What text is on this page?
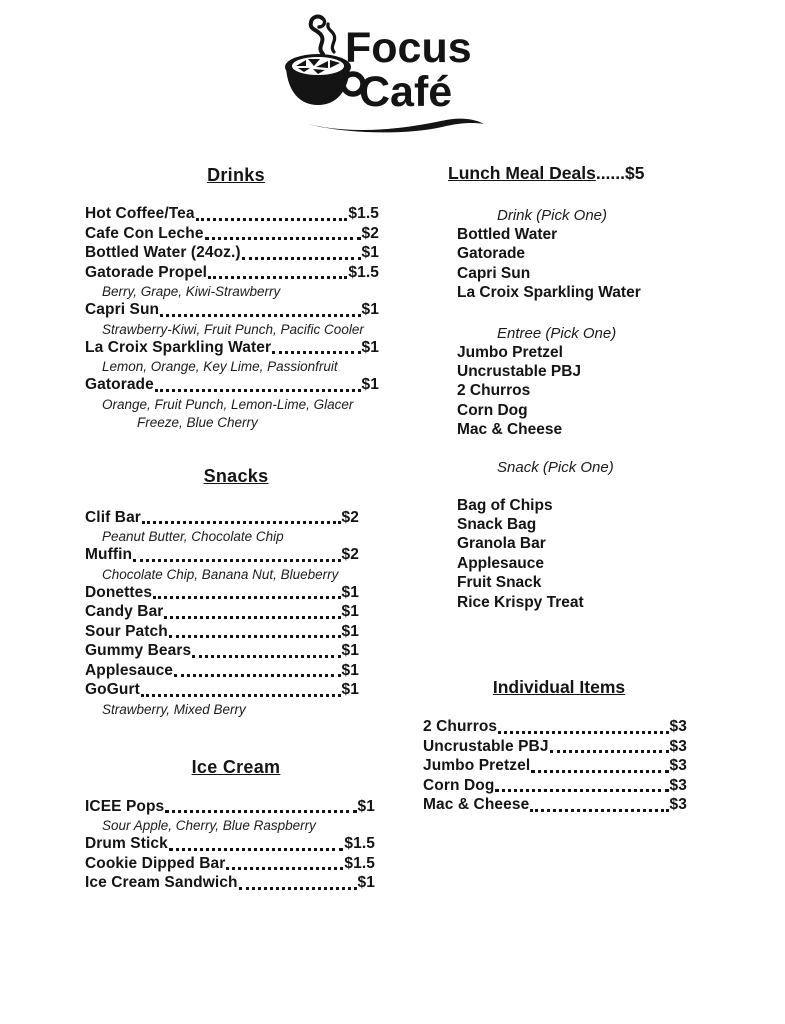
Focus
Café
Drinks
Hot Coffee/Tea	$1.5
Cafe Con Leche	$2
Bottled Water (24oz.)	$1
Gatorade Propel	$1.5
Berry, Grape, Kiwi-Strawberry
Capri Sun	$1
Strawberry-Kiwi, Fruit Punch, Pacific Cooler
La Croix Sparkling Water	$1
Lemon, Orange, Key Lime, Passionfruit
Gatorade	$1
Orange, Fruit Punch, Lemon-Lime, Glacer Freeze, Blue Cherry
Snacks
Clif Bar	$2
Peanut Butter, Chocolate Chip
Muffin	$2
Chocolate Chip, Banana Nut, Blueberry
Donettes	$1
Candy Bar	$1
Sour Patch	$1
Gummy Bears	$1
Applesauce	$1
GoGurt	$1
Strawberry, Mixed Berry
Ice Cream
ICEE Pops	$1
Sour Apple, Cherry, Blue Raspberry
Drum Stick	$1.5
Cookie Dipped Bar	$1.5
Ice Cream Sandwich	$1
Lunch Meal Deals......$5
Drink (Pick One)
Bottled Water
Gatorade
Capri Sun
La Croix Sparkling Water
Entree (Pick One)
Jumbo Pretzel
Uncrustable PBJ
2 Churros
Corn Dog
Mac & Cheese
Snack (Pick One)
Bag of Chips
Snack Bag
Granola Bar
Applesauce
Fruit Snack
Rice Krispy Treat
Individual Items
2 Churros	$3
Uncrustable PBJ	$3
Jumbo Pretzel	$3
Corn Dog	$3
Mac & Cheese	$3
